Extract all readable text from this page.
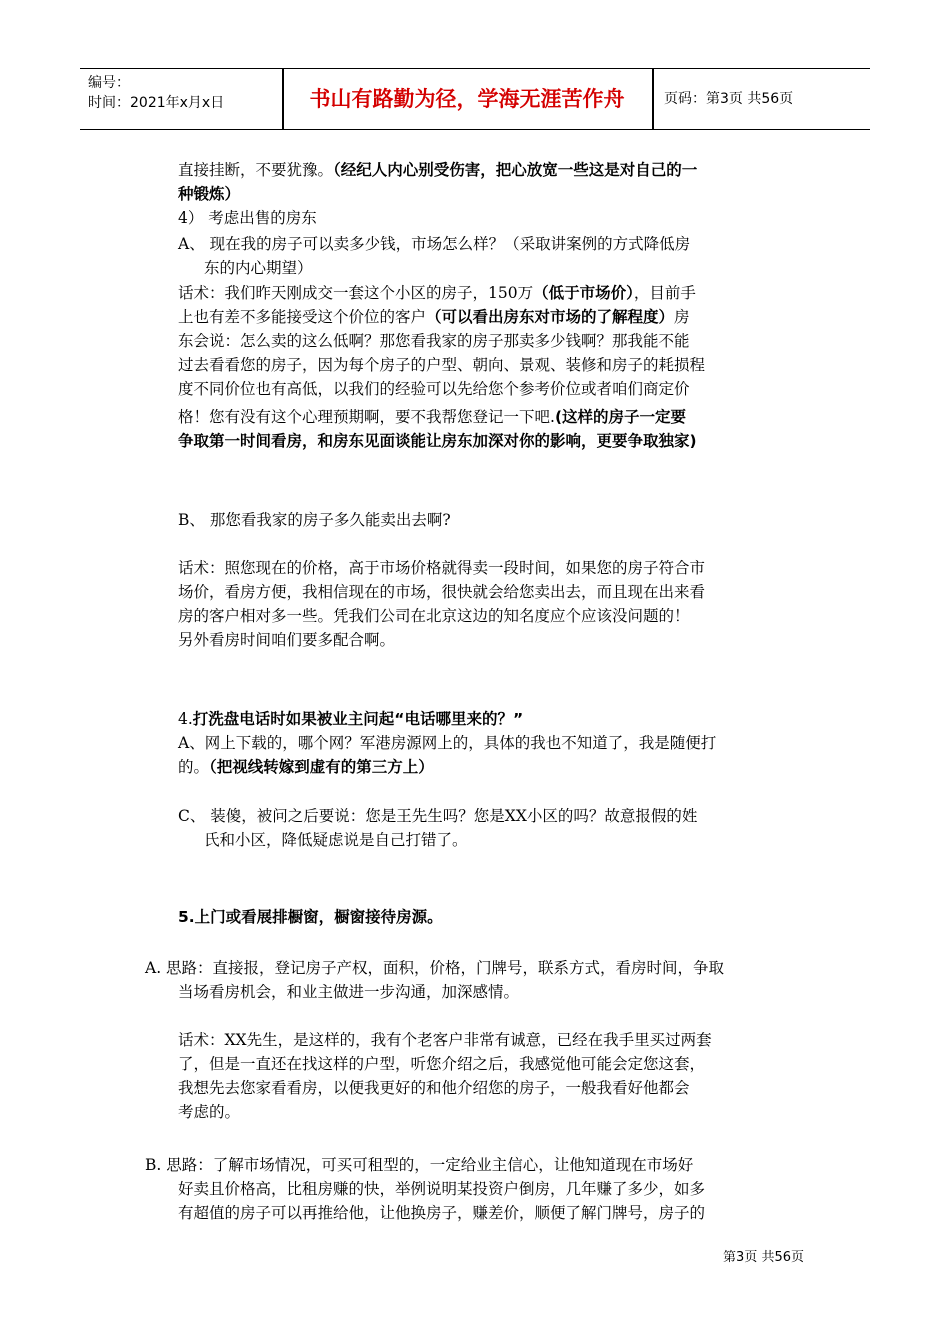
编号：
时间：2021年x月x日	书山有路勤为径，学海无涯苦作舟	页码：第3页 共56页
直接挂断，不要犹豫。（经纪人内心别受伤害，把心放宽一些这是对自己的一
种锻炼）
4） 考虑出售的房东
A、 现在我的房子可以卖多少钱，市场怎么样？（采取讲案例的方式降低房
东的内心期望）
话术：我们昨天刚成交一套这个小区的房子，150万（低于市场价），目前手
上也有差不多能接受这个价位的客户（可以看出房东对市场的了解程度）房
东会说：怎么卖的这么低啊？那您看我家的房子那卖多少钱啊？那我能不能
过去看看您的房子，因为每个房子的户型、朝向、景观、装修和房子的耗损程
度不同价位也有高低，以我们的经验可以先给您个参考价位或者咱们商定价
格！您有没有这个心理预期啊，要不我帮您登记一下吧.(这样的房子一定要
争取第一时间看房，和房东见面谈能让房东加深对你的影响，更要争取独家)
B、 那您看我家的房子多久能卖出去啊?
话术：照您现在的价格，高于市场价格就得卖一段时间，如果您的房子符合市
场价，看房方便，我相信现在的市场，很快就会给您卖出去，而且现在出来看
房的客户相对多一些。凭我们公司在北京这边的知名度应个应该没问题的！
另外看房时间咱们要多配合啊。
4.打洗盘电话时如果被业主问起“电话哪里来的？”
A、网上下载的，哪个网？军港房源网上的，具体的我也不知道了，我是随便打
的。（把视线转嫁到虚有的第三方上）
C、 装傻，被问之后要说：您是王先生吗？您是XX小区的吗？故意报假的姓
氏和小区，降低疑虑说是自己打错了。
5.上门或看展排橱窗，橱窗接待房源。
A. 思路：直接报，登记房子产权，面积，价格，门牌号，联系方式，看房时间，争取
当场看房机会，和业主做进一步沟通，加深感情。
话术：XX先生，是这样的，我有个老客户非常有诚意，已经在我手里买过两套
了，但是一直还在找这样的户型，听您介绍之后，我感觉他可能会定您这套，
我想先去您家看看房，以便我更好的和他介绍您的房子，一般我看好他都会
考虑的。
B. 思路：了解市场情况，可买可租型的，一定给业主信心，让他知道现在市场好
好卖且价格高，比租房赚的快，举例说明某投资户倒房，几年赚了多少，如多
有超值的房子可以再推给他，让他换房子，赚差价，顺便了解门牌号，房子的
第3页 共56页
